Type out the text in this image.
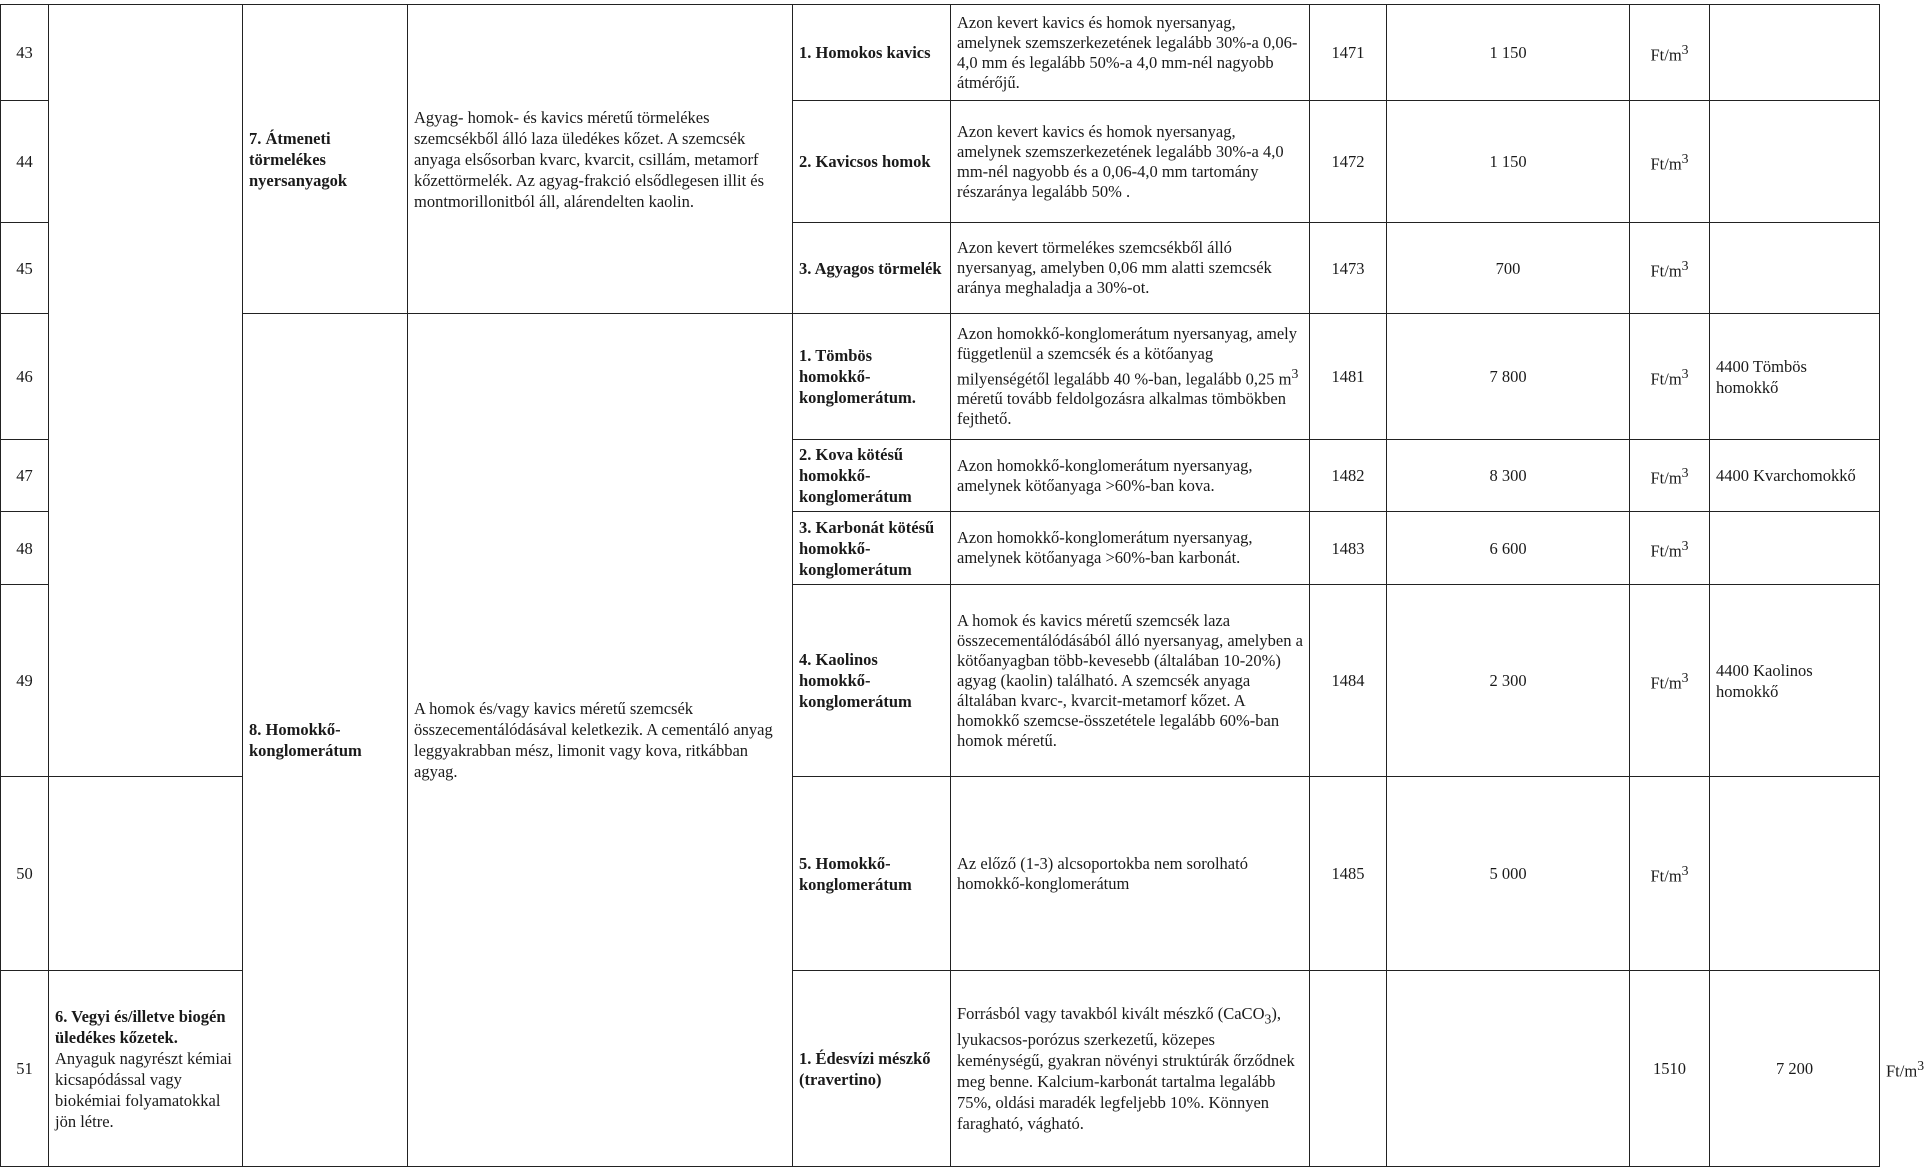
43		7. Átmeneti törmelékes nyersanyagok	Agyag- homok- és kavics méretű törmelékes szemcsékből álló laza üledékes kőzet. A szemcsék anyaga elsősorban kvarc, kvarcit, csillám, metamorf kőzettörmelék. Az agyag-frakció elsődlegesen illit és montmorillonitból áll, alárendelten kaolin.	1. Homokos kavics	Azon kevert kavics és homok nyersanyag, amelynek szemszerkezetének legalább 30%-a 0,06-4,0 mm és legalább 50%-a 4,0 mm-nél nagyobb átmérőjű.	1471	1 150	$Ft/m^3$	
44				2. Kavicsos homok	Azon kevert kavics és homok nyersanyag, amelynek szemszerkezetének legalább 30%-a 4,0 mm-nél nagyobb és a 0,06-4,0 mm tartomány részaránya legalább 50% .	1472	1 150	$Ft/m^3$	
45				3. Agyagos törmelék	Azon kevert törmelékes szemcsékből álló nyersanyag, amelyben 0,06 mm alatti szemcsék aránya meghaladja a 30%-ot.	1473	700	$Ft/m^3$	
46		8. Homokkő-konglomerátum	A homok és/vagy kavics méretű szemcsék összecementálódásával keletkezik. A cementáló anyag leggyakrabban mész, limonit vagy kova, ritkábban agyag.	1. Tömbös homokkő-konglomerátum.	Azon homokkő-konglomerátum nyersanyag, amely függetlenül a szemcsék és a kötőanyag milyenségétől legalább 40 %-ban, legalább 0,25 $m^3$ méretű tovább feldolgozásra alkalmas tömbökben fejthető.	1481	7 800	$Ft/m^3$	4400 Tömbös homokkő	
47				2. Kova kötésű homokkő-konglomerátum	Azon homokkő-konglomerátum nyersanyag, amelynek kötőanyaga >60%-ban kova.	1482	8 300	$Ft/m^3$	4400 Kvarchomokkő	
48				3. Karbonát kötésű homokkő-konglomerátum	Azon homokkő-konglomerátum nyersanyag, amelynek kötőanyaga >60%-ban karbonát.	1483	6 600	$Ft/m^3$	
49				4. Kaolinos homokkő-konglomerátum	A homok és kavics méretű szemcsék laza összecementálódásából álló nyersanyag, amelyben a kötőanyagban több-kevesebb (általában 10-20%) agyag (kaolin) található. A szemcsék anyaga általában kvarc-, kvarcit-metamorf kőzet. A homokkő szemcse-összetétele legalább 60%-ban homok méretű.	1484	2 300	$Ft/m^3$	4400 Kaolinos homokkő	
50				5. Homokkő-konglomerátum	Az előző (1-3) alcsoportokba nem sorolható homokkő-konglomerátum	1485	5 000	$Ft/m^3$	
51	6. Vegyi és/illetve biogén üledékes kőzetek. Anyaguk nagyrészt kémiai kicsapódással vagy biokémiai folyamatokkal jön létre.			1. Édesvízi mészkő (travertino)	Forrásból vagy tavakból kivált mészkő (CaCO$_3$), lyukacsos-porózus szerkezetű, közepes keménységű, gyakran növényi struktúrák őrződnek meg benne. Kalcium-karbonát tartalma legalább 75%, oldási maradék legfeljebb 10%. Könnyen faragható, vágható.			1510	7 200	$Ft/m^3$	
